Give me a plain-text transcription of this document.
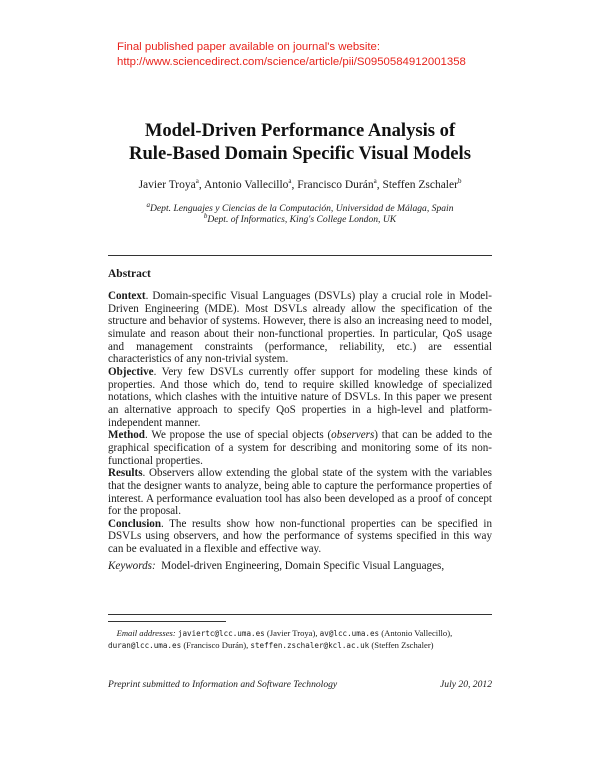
Final published paper available on journal's website:
http://www.sciencedirect.com/science/article/pii/S0950584912001358
Model-Driven Performance Analysis of
Rule-Based Domain Specific Visual Models
Javier Troya$^a$, Antonio Vallecillo$^a$, Francisco Durán$^a$, Steffen Zschaler$^b$
$^a$Dept. Lenguajes y Ciencias de la Computación, Universidad de Málaga, Spain
$^b$Dept. of Informatics, King's College London, UK
Abstract

Context. Domain-specific Visual Languages (DSVLs) play a crucial role in Model-Driven Engineering (MDE). Most DSVLs already allow the specification of the structure and behavior of systems. However, there is also an increasing need to model, simulate and reason about their non-functional properties. In particular, QoS usage and management constraints (performance, reliability, etc.) are essential characteristics of any non-trivial system.

Objective. Very few DSVLs currently offer support for modeling these kinds of properties. And those which do, tend to require skilled knowledge of specialized notations, which clashes with the intuitive nature of DSVLs. In this paper we present an alternative approach to specify QoS properties in a high-level and platform-independent manner.

Method. We propose the use of special objects (observers) that can be added to the graphical specification of a system for describing and monitoring some of its non-functional properties.

Results. Observers allow extending the global state of the system with the variables that the designer wants to analyze, being able to capture the performance properties of interest. A performance evaluation tool has also been developed as a proof of concept for the proposal.

Conclusion. The results show how non-functional properties can be specified in DSVLs using observers, and how the performance of systems specified in this way can be evaluated in a flexible and effective way.

Keywords: Model-driven Engineering, Domain Specific Visual Languages,

Email addresses: javiertc@lcc.uma.es (Javier Troya), av@lcc.uma.es (Antonio Vallecillo), duran@lcc.uma.es (Francisco Durán), steffen.zschaler@kcl.ac.uk (Steffen Zschaler)
Preprint submitted to Information and Software Technology	July 20, 2012
